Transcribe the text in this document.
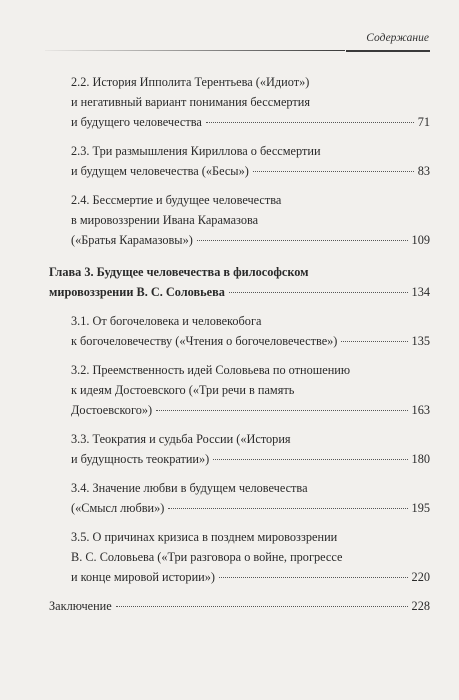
Содержание
2.2. История Ипполита Терентьева («Идиот»)
и негативный вариант понимания бессмертия
и будущего человечества	71
2.3. Три размышления Кириллова о бессмертии
и будущем человечества («Бесы»)	83
2.4. Бессмертие и будущее человечества
в мировоззрении Ивана Карамазова
(«Братья Карамазовы»)	109
Глава 3. Будущее человечества в философском
мировоззрении В. С. Соловьева	134
3.1. От богочеловека и человекобога
к богочеловечеству («Чтения о богочеловечестве»)	135
3.2. Преемственность идей Соловьева по отношению
к идеям Достоевского («Три речи в память
Достоевского»)	163
3.3. Теократия и судьба России («История
и будущность теократии»)	180
3.4. Значение любви в будущем человечества
(«Смысл любви»)	195
3.5. О причинах кризиса в позднем мировоззрении
В. С. Соловьева («Три разговора о войне, прогрессе
и конце мировой истории»)	220
Заключение	228
